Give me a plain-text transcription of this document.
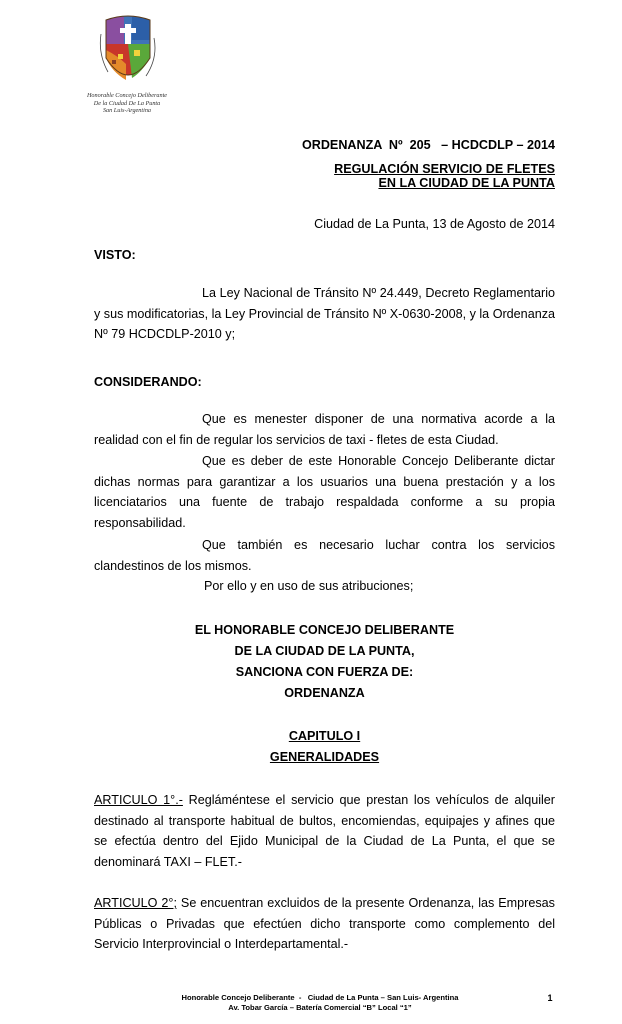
Honorable Concejo Deliberante
De la Ciudad De La Punta
San Luis-Argentina
ORDENANZA  Nº  205   – HCDCDLP – 2014
REGULACIÓN SERVICIO DE FLETES
EN LA CIUDAD DE LA PUNTA
Ciudad de La Punta, 13 de Agosto de 2014
VISTO:
La Ley Nacional de Tránsito Nº 24.449, Decreto Reglamentario y sus modificatorias, la Ley Provincial de Tránsito Nº X-0630-2008, y la Ordenanza Nº 79 HCDCDLP-2010 y;
CONSIDERANDO:
Que es menester disponer de una normativa acorde a la realidad con el fin de regular los servicios de taxi - fletes de esta Ciudad.
Que es deber de este Honorable Concejo Deliberante dictar dichas normas para garantizar a los usuarios una buena prestación y a los licenciatarios una fuente de trabajo respaldada conforme a su propia responsabilidad.
Que también es necesario luchar contra los servicios clandestinos de los mismos.
Por ello y en uso de sus atribuciones;
EL HONORABLE CONCEJO DELIBERANTE
DE LA CIUDAD DE LA PUNTA,
SANCIONA CON FUERZA DE:
ORDENANZA
CAPITULO I
GENERALIDADES
ARTICULO 1°.- Regláméntese el servicio que prestan los vehículos de alquiler destinado al transporte habitual de bultos, encomiendas, equipajes y afines que se efectúa dentro del Ejido Municipal de la Ciudad de La Punta, el que se denominará TAXI – FLET.-
ARTICULO 2°; Se encuentran excluidos de la presente Ordenanza, las Empresas Públicas o Privadas que efectúen dicho transporte como complemento del Servicio Interprovincial o Interdepartamental.-
Honorable Concejo Deliberante  -   Ciudad de La Punta – San Luis- Argentina
Av. Tobar García – Batería Comercial “B” Local “1”
1
